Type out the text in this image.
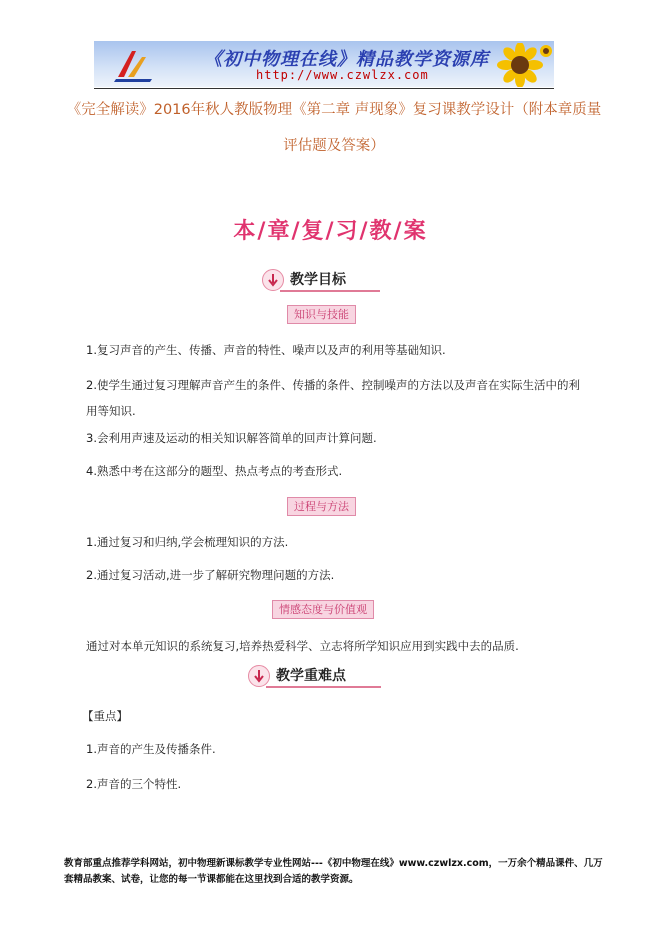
《初中物理在线》精品教学资源库
http://www.czwlzx.com
《完全解读》2016年秋人教版物理《第二章 声现象》复习课教学设计（附本章质量评估题及答案）
本/章/复/习/教/案
教学目标
知识与技能
1.复习声音的产生、传播、声音的特性、噪声以及声的利用等基础知识.
2.使学生通过复习理解声音产生的条件、传播的条件、控制噪声的方法以及声音在实际生活中的利用等知识.
3.会利用声速及运动的相关知识解答简单的回声计算问题.
4.熟悉中考在这部分的题型、热点考点的考查形式.
过程与方法
1.通过复习和归纳,学会梳理知识的方法.
2.通过复习活动,进一步了解研究物理问题的方法.
情感态度与价值观
通过对本单元知识的系统复习,培养热爱科学、立志将所学知识应用到实践中去的品质.
教学重难点
【重点】
1.声音的产生及传播条件.
2.声音的三个特性.
教育部重点推荐学科网站，初中物理新课标教学专业性网站---《初中物理在线》www.czwlzx.com，一万余个精品课件、几万套精品教案、试卷，让您的每一节课都能在这里找到合适的教学资源。
